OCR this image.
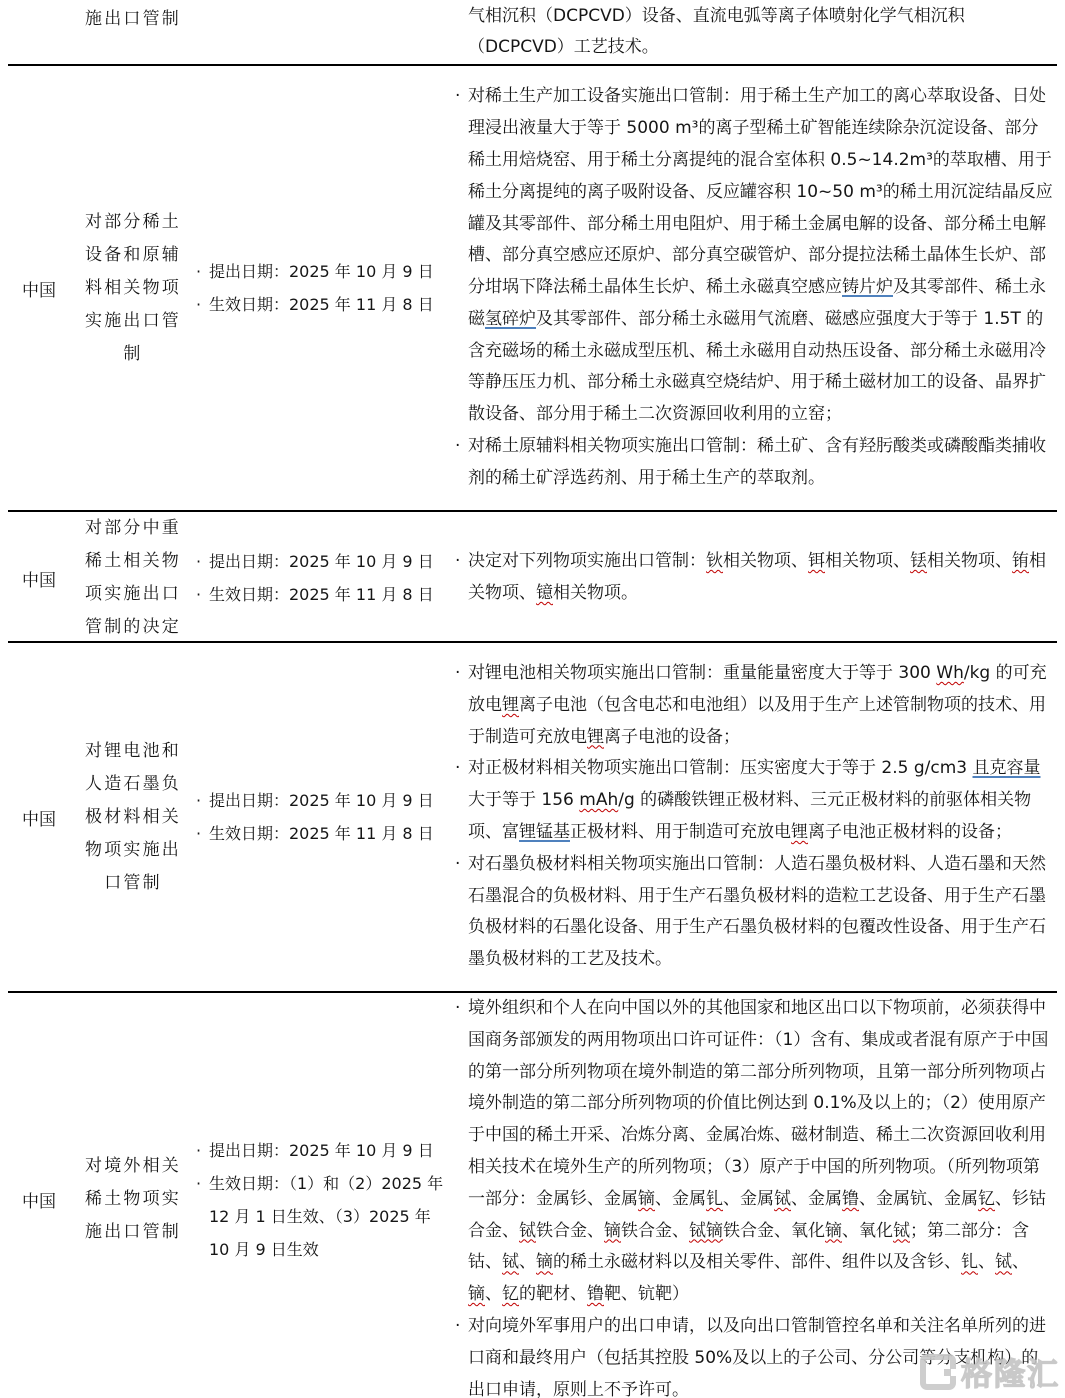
施出口管制	气相沉积（DCPCVD）设备、直流电弧等离子体喷射化学气相沉积（DCPCVD）工艺技术。
中国
对部分稀土设备和原辅料相关物项实施出口管制
· 提出日期：2025 年 10 月 9 日
· 生效日期：2025 年 11 月 8 日
· 对稀土生产加工设备实施出口管制：用于稀土生产加工的离心萃取设备、日处理浸出液量大于等于 5000 m³的离子型稀土矿智能连续除杂沉淀设备、部分稀土用焙烧窑、用于稀土分离提纯的混合室体积 0.5~14.2m³的萃取槽、用于稀土分离提纯的离子吸附设备、反应罐容积 10~50 m³的稀土用沉淀结晶反应罐及其零部件、部分稀土用电阻炉、用于稀土金属电解的设备、部分稀土电解槽、部分真空感应还原炉、部分真空碳管炉、部分提拉法稀土晶体生长炉、部分坩埚下降法稀土晶体生长炉、稀土永磁真空感应铸片炉及其零部件、稀土永磁氢碎炉及其零部件、部分稀土永磁用气流磨、磁感应强度大于等于 1.5T 的含充磁场的稀土永磁成型压机、稀土永磁用自动热压设备、部分稀土永磁用冷等静压压力机、部分稀土永磁真空烧结炉、用于稀土磁材加工的设备、晶界扩散设备、部分用于稀土二次资源回收利用的立窑；
· 对稀土原辅料相关物项实施出口管制：稀土矿、含有羟肟酸类或磷酸酯类捕收剂的稀土矿浮选药剂、用于稀土生产的萃取剂。
中国
对部分中重稀土相关物项实施出口管制的决定
· 提出日期：2025 年 10 月 9 日
· 生效日期：2025 年 11 月 8 日
· 决定对下列物项实施出口管制：钬相关物项、铒相关物项、铥相关物项、铕相关物项、镱相关物项。
中国
对锂电池和人造石墨负极材料相关物项实施出口管制
· 提出日期：2025 年 10 月 9 日
· 生效日期：2025 年 11 月 8 日
· 对锂电池相关物项实施出口管制：重量能量密度大于等于 300 Wh/kg 的可充放电锂离子电池（包含电芯和电池组）以及用于生产上述管制物项的技术、用于制造可充放电锂离子电池的设备；
· 对正极材料相关物项实施出口管制：压实密度大于等于 2.5 g/cm3 且克容量大于等于 156 mAh/g 的磷酸铁锂正极材料、三元正极材料的前驱体相关物项、富锂锰基正极材料、用于制造可充放电锂离子电池正极材料的设备；
· 对石墨负极材料相关物项实施出口管制：人造石墨负极材料、人造石墨和天然石墨混合的负极材料、用于生产石墨负极材料的造粒工艺设备、用于生产石墨负极材料的石墨化设备、用于生产石墨负极材料的包覆改性设备、用于生产石墨负极材料的工艺及技术。
中国
对境外相关稀土物项实施出口管制
· 提出日期：2025 年 10 月 9 日
· 生效日期：（1）和（2）2025 年 12 月 1 日生效、（3）2025 年 10 月 9 日生效
· 境外组织和个人在向中国以外的其他国家和地区出口以下物项前，必须获得中国商务部颁发的两用物项出口许可证件：（1）含有、集成或者混有原产于中国的第一部分所列物项在境外制造的第二部分所列物项，且第一部分所列物项占境外制造的第二部分所列物项的价值比例达到 0.1%及以上的；（2）使用原产于中国的稀土开采、冶炼分离、金属冶炼、磁材制造、稀土二次资源回收利用相关技术在境外生产的所列物项；（3）原产于中国的所列物项。（所列物项第一部分：金属钐、金属镝、金属钆、金属铽、金属镥、金属钪、金属钇、钐钴合金、铽铁合金、镝铁合金、铽镝铁合金、氧化镝、氧化铽；第二部分：含钴、铽、镝的稀土永磁材料以及相关零件、部件、组件以及含钐、钆、铽、镝、钇的靶材、镥靶、钪靶）
· 对向境外军事用户的出口申请，以及向出口管制管控名单和关注名单所列的进口商和最终用户（包括其控股 50%及以上的子公司、分公司等分支机构）的出口申请，原则上不予许可。	格隆汇
